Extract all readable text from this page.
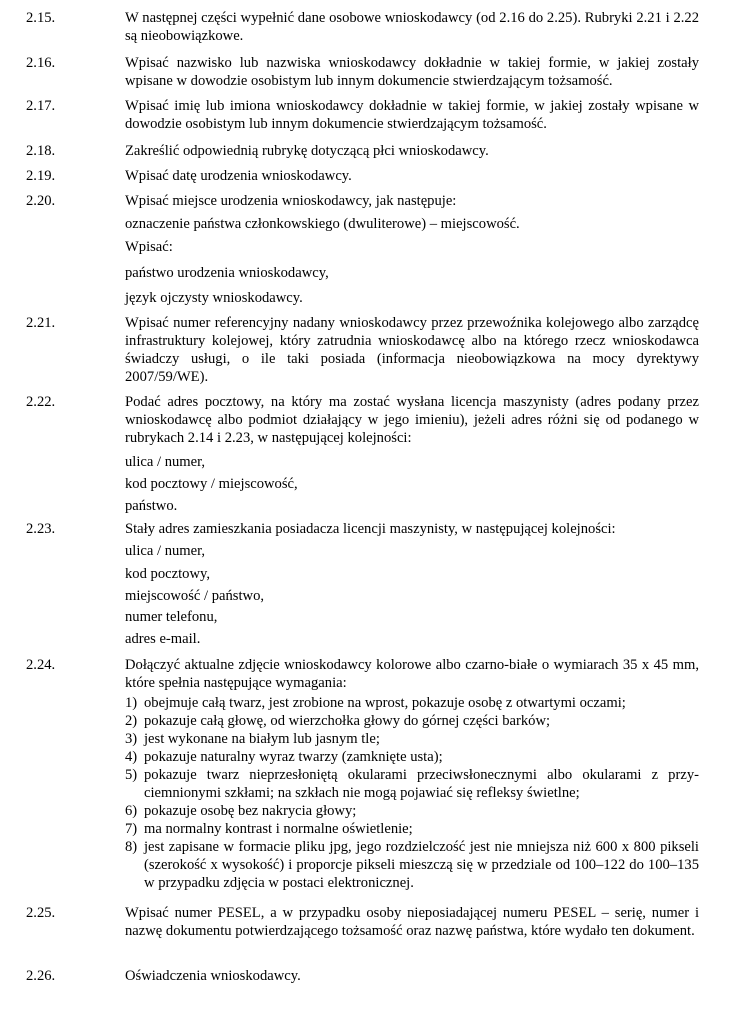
2.15.	W następnej części wypełnić dane osobowe wnioskodawcy (od 2.16 do 2.25). Rubryki 2.21 i 2.22 są nieobowiązkowe.

2.16.	Wpisać nazwisko lub nazwiska wnioskodawcy dokładnie w takiej formie, w jakiej zostały wpisane w dowodzie osobistym lub innym dokumencie stwierdzającym tożsamość.

2.17.	Wpisać imię lub imiona wnioskodawcy dokładnie w takiej formie, w jakiej zostały wpisane w dowodzie osobistym lub innym dokumencie stwierdzającym tożsamość.

2.18.	Zakreślić odpowiednią rubrykę dotyczącą płci wnioskodawcy.

2.19.	Wpisać datę urodzenia wnioskodawcy.

2.20.	Wpisać miejsce urodzenia wnioskodawcy, jak następuje:

oznaczenie państwa członkowskiego (dwuliterowe) – miejscowość.

Wpisać:

państwo urodzenia wnioskodawcy,

język ojczysty wnioskodawcy.

2.21.	Wpisać numer referencyjny nadany wnioskodawcy przez przewoźnika kolejowego albo zarządcę infrastruktury kolejowej, który zatrudnia wnioskodawcę albo na którego rzecz wnioskodawca świadczy usługi, o ile taki posiada (informacja nieobowiązkowa na mocy dyrektywy 2007/59/WE).

2.22.	Podać adres pocztowy, na który ma zostać wysłana licencja maszynisty (adres podany przez wnioskodawcę albo podmiot działający w jego imieniu), jeżeli adres różni się od podanego w rubrykach 2.14 i 2.23, w następującej kolejności:

ulica / numer,

kod pocztowy / miejscowość,

państwo.

2.23.	Stały adres zamieszkania posiadacza licencji maszynisty, w następującej kolejności:

ulica / numer,

kod pocztowy,

miejscowość / państwo,

numer telefonu,

adres e-mail.

2.24.	Dołączyć aktualne zdjęcie wnioskodawcy kolorowe albo czarno-białe o wymiarach 35 x 45 mm, które spełnia następujące wymagania:

1) obejmuje całą twarz, jest zrobione na wprost, pokazuje osobę z otwartymi oczami;
2) pokazuje całą głowę, od wierzchołka głowy do górnej części barków;
3) jest wykonane na białym lub jasnym tle;
4) pokazuje naturalny wyraz twarzy (zamknięte usta);
5) pokazuje twarz nieprzesłoniętą okularami przeciwsłonecznymi albo okularami z przyciemnionymi szkłami; na szkłach nie mogą pojawiać się refleksy świetlne;
6) pokazuje osobę bez nakrycia głowy;
7) ma normalny kontrast i normalne oświetlenie;
8) jest zapisane w formacie pliku jpg, jego rozdzielczość jest nie mniejsza niż 600 x 800 pikseli (szerokość x wysokość) i proporcje pikseli mieszczą się w przedziale od 100–122 do 100–135 w przypadku zdjęcia w postaci elektronicznej.
2.25.	Wpisać numer PESEL, a w przypadku osoby nieposiadającej numeru PESEL – serię, numer i nazwę dokumentu potwierdzającego tożsamość oraz nazwę państwa, które wydało ten dokument.

2.26.	Oświadczenia wnioskodawcy.
